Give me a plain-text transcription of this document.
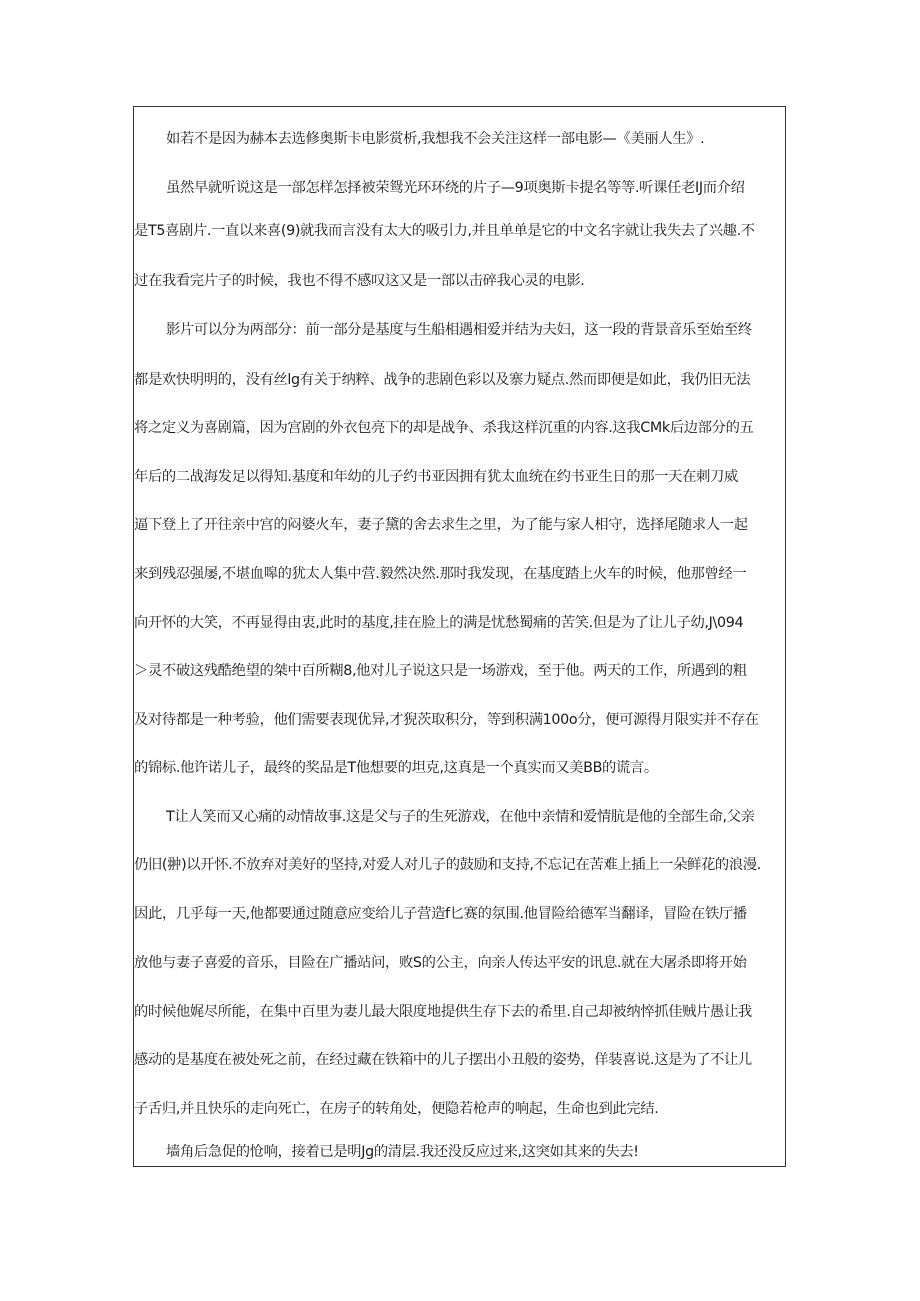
如若不是因为赫本去选修奥斯卡电影赏析,我想我不会关注这样一部电影—《美丽人生》.
虽然早就听说这是一部怎样怎择被荣鸳光环环绕的片子—9项奥斯卡提名等等.听课任老IJ而介绍
是T5喜剧片.一直以来喜(9)就我而言没有太大的吸引力,并且单单是它的中文名字就让我失去了兴趣.不
过在我看完片子的时候，我也不得不感叹这又是一部以击碎我心灵的电影.
影片可以分为两部分：前一部分是基度与生船相遇相爱并结为夫妇，这一段的背景音乐至始至终
都是欢快明明的，没有丝lg有关于纳粹、战争的悲剧色彩以及寨力疑点.然而即便是如此，我仍旧无法
将之定义为喜剧篇，因为宫剧的外衣包亮下的却是战争、杀我这样沉重的内容.这我CMk后边部分的五
年后的二战海发足以得知.基度和年幼的儿子约书亚因拥有犹太血统在约书亚生日的那一天在刺刀威
逼下登上了开往亲中宫的闷婆火车，妻子黛的舍去求生之里，为了能与家人相守，选择尾随求人一起
来到残忍强屡,不堪血嗥的犹太人集中营.毅然决然.那时我发现，在基度踏上火车的时候，他那曾经一
向开怀的大笑，不再显得由衷,此时的基度,挂在脸上的满是忧愁蜀痛的苦笑.但是为了让儿子幼,J\094
＞灵不破这残酷绝望的桀中百所糊8,他对儿子说这只是一场游戏，至于他。两天的工作，所遇到的粗
及对待都是一种考验，他们需要表现优异,才猊茨取积分，等到积满100o分，便可源得月限实并不存在
的锦标.他许诺儿子，最终的奖品是T他想要的坦克,这真是一个真实而又美BB的谎言。
T让人笑而又心痛的动情故事.这是父与子的生死游戏，在他中亲情和爱情肮是他的全部生命,父亲
仍旧(翀)以开怀.不放弃对美好的坚持,对爱人对儿子的鼓励和支持,不忘记在苦难上插上一朵鲜花的浪漫.
因此，几乎每一天,他都要通过随意应变给儿子营造f匕赛的氛围.他冒险给德军当翻译，冒险在铁厅播
放他与妻子喜爱的音乐，目险在广播站问，败S的公主，向亲人传达平安的讯息.就在大屠杀即将开始
的时候他娓尽所能，在集中百里为妻儿最大限度地提供生存下去的希里.自己却被纳悴抓佳贼片愚让我
感动的是基度在被处死之前，在经过藏在铁箱中的儿子摆出小丑般的姿势，佯装喜说.这是为了不让儿
子舌归,并且快乐的走向死亡，在房子的转角处，便隐若枪声的响起，生命也到此完结.
墙角后急促的怆响，接着已是明Jg的清层.我还没反应过来,这突如其来的失去!
